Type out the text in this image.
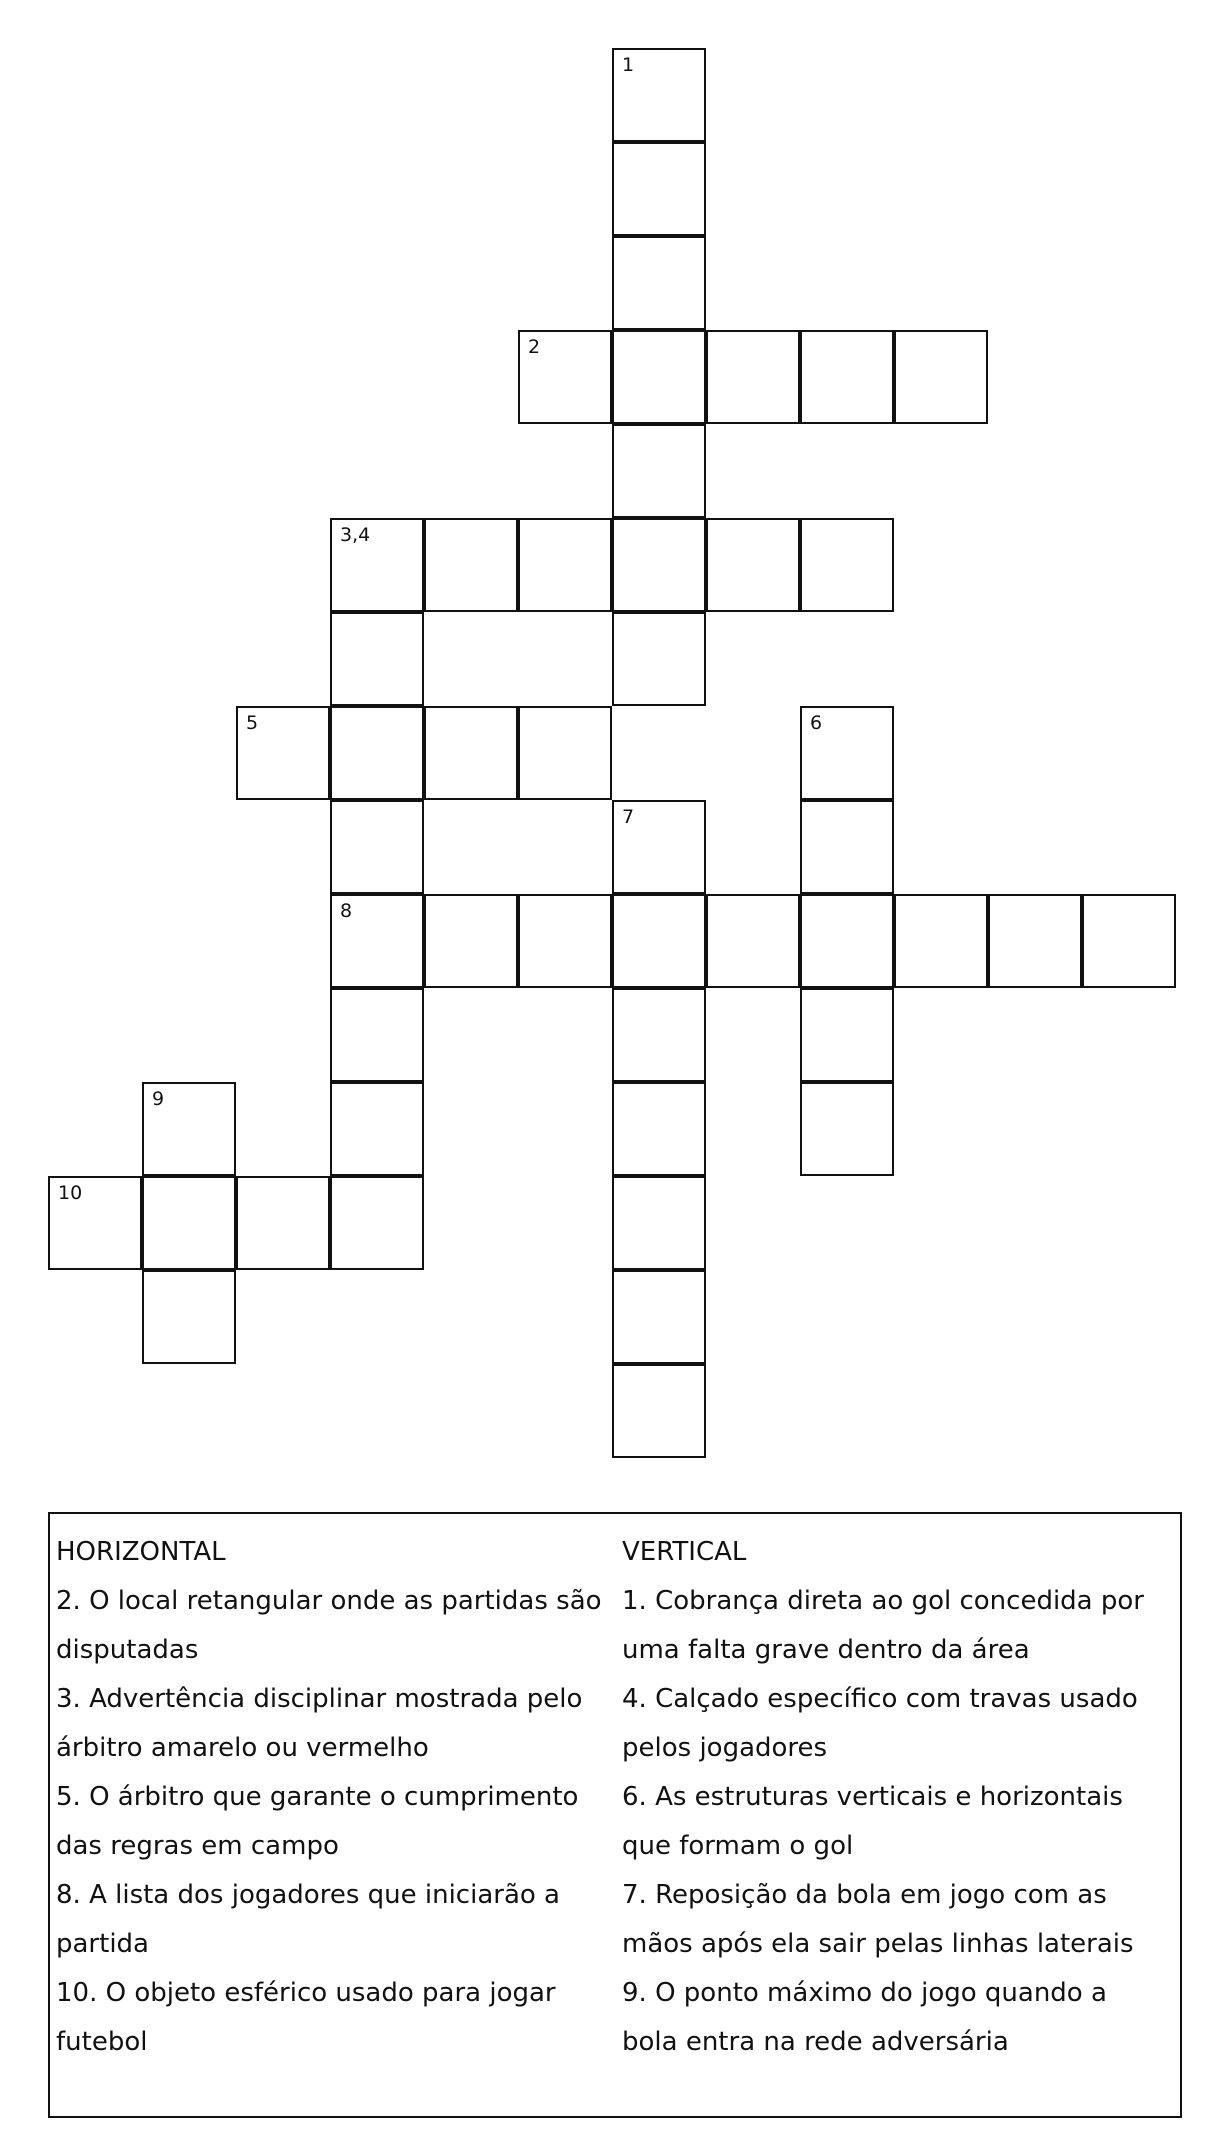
1
2
3,4
8
5	6
7
9
10

HORIZONTAL

2. O local retangular onde as partidas são disputadas

3. Advertência disciplinar mostrada pelo árbitro amarelo ou vermelho

5. O árbitro que garante o cumprimento das regras em campo

8. A lista dos jogadores que iniciarão a partida

10. O objeto esférico usado para jogar futebol

VERTICAL

1. Cobrança direta ao gol concedida por uma falta grave dentro da área

4. Calçado específico com travas usado pelos jogadores

6. As estruturas verticais e horizontais que formam o gol

7. Reposição da bola em jogo com as mãos após ela sair pelas linhas laterais

9. O ponto máximo do jogo quando a bola entra na rede adversária
